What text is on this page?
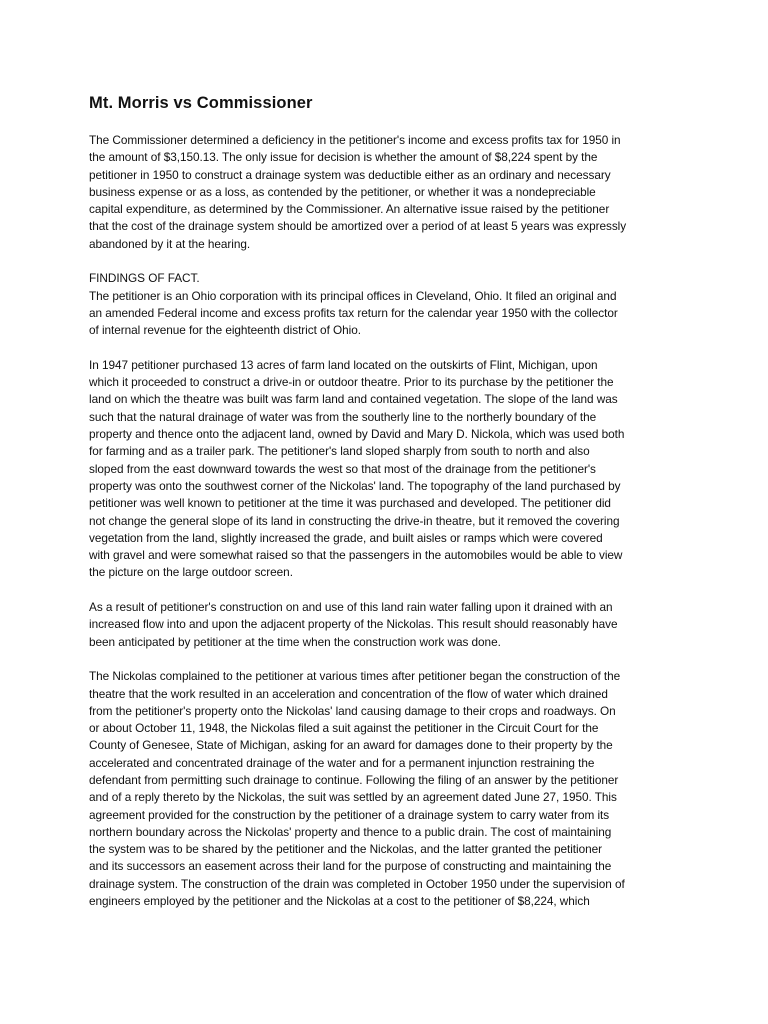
Mt. Morris vs Commissioner
The Commissioner determined a deficiency in the petitioner's income and excess profits tax for 1950 in
the amount of $3,150.13. The only issue for decision is whether the amount of $8,224 spent by the
petitioner in 1950 to construct a drainage system was deductible either as an ordinary and necessary
business expense or as a loss, as contended by the petitioner, or whether it was a nondepreciable
capital expenditure, as determined by the Commissioner. An alternative issue raised by the petitioner
that the cost of the drainage system should be amortized over a period of at least 5 years was expressly
abandoned by it at the hearing.
FINDINGS OF FACT.
The petitioner is an Ohio corporation with its principal offices in Cleveland, Ohio. It filed an original and
an amended Federal income and excess profits tax return for the calendar year 1950 with the collector
of internal revenue for the eighteenth district of Ohio.
In 1947 petitioner purchased 13 acres of farm land located on the outskirts of Flint, Michigan, upon
which it proceeded to construct a drive-in or outdoor theatre. Prior to its purchase by the petitioner the
land on which the theatre was built was farm land and contained vegetation. The slope of the land was
such that the natural drainage of water was from the southerly line to the northerly boundary of the
property and thence onto the adjacent land, owned by David and Mary D. Nickola, which was used both
for farming and as a trailer park. The petitioner's land sloped sharply from south to north and also
sloped from the east downward towards the west so that most of the drainage from the petitioner's
property was onto the southwest corner of the Nickolas' land. The topography of the land purchased by
petitioner was well known to petitioner at the time it was purchased and developed. The petitioner did
not change the general slope of its land in constructing the drive-in theatre, but it removed the covering
vegetation from the land, slightly increased the grade, and built aisles or ramps which were covered
with gravel and were somewhat raised so that the passengers in the automobiles would be able to view
the picture on the large outdoor screen.
As a result of petitioner's construction on and use of this land rain water falling upon it drained with an
increased flow into and upon the adjacent property of the Nickolas. This result should reasonably have
been anticipated by petitioner at the time when the construction work was done.
The Nickolas complained to the petitioner at various times after petitioner began the construction of the
theatre that the work resulted in an acceleration and concentration of the flow of water which drained
from the petitioner's property onto the Nickolas' land causing damage to their crops and roadways. On
or about October 11, 1948, the Nickolas filed a suit against the petitioner in the Circuit Court for the
County of Genesee, State of Michigan, asking for an award for damages done to their property by the
accelerated and concentrated drainage of the water and for a permanent injunction restraining the
defendant from permitting such drainage to continue. Following the filing of an answer by the petitioner
and of a reply thereto by the Nickolas, the suit was settled by an agreement dated June 27, 1950. This
agreement provided for the construction by the petitioner of a drainage system to carry water from its
northern boundary across the Nickolas' property and thence to a public drain. The cost of maintaining
the system was to be shared by the petitioner and the Nickolas, and the latter granted the petitioner
and its successors an easement across their land for the purpose of constructing and maintaining the
drainage system. The construction of the drain was completed in October 1950 under the supervision of
engineers employed by the petitioner and the Nickolas at a cost to the petitioner of $8,224, which
